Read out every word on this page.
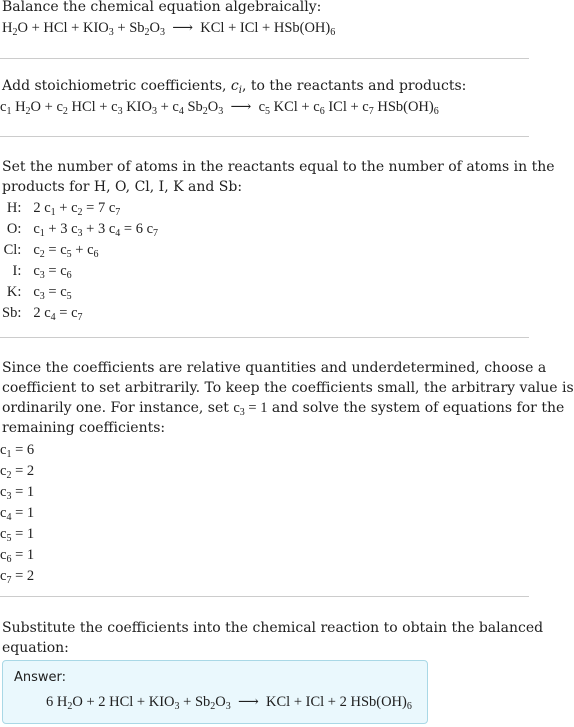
Balance the chemical equation algebraically:
$H_2O$ + HCl + $KIO_3 + Sb_2O_3$  ⟶  KCl + ICl + $HSb(OH)_6$
Add stoichiometric coefficients, $c_i$, to the reactants and products:
$c_1$ $H_2O + c_2$ HCl + $c_3$ $KIO_3 + c_4$ $Sb_2O_3$  ⟶  $c_5$ KCl + $c_6$ ICl + $c_7$ $HSb(OH)_6$
Set the number of atoms in the reactants equal to the number of atoms in the
products for H, O, Cl, I, K and Sb:
H:	2 $c_1 + c_2 = 7$ $c_7$
O:	$c_1 + 3$ $c_3 + 3$ $c_4 = 6$ $c_7$
Cl:	$c_2 = c_5 + c_6$
I:	$c_3 = c_6$
K:	$c_3 = c_5$
Sb:	2 $c_4 = c_7$
Since the coefficients are relative quantities and underdetermined, choose a
coefficient to set arbitrarily. To keep the coefficients small, the arbitrary value is
ordinarily one. For instance, set $c_3 = 1$ and solve the system of equations for the
remaining coefficients:
$c_1 = 6$
$c_2 = 2$
$c_3 = 1$
$c_4 = 1$
$c_5 = 1$
$c_6 = 1$
$c_7 = 2$
Substitute the coefficients into the chemical reaction to obtain the balanced
equation:
Answer:
6 $H_2O + 2$ HCl + $KIO_3 + Sb_2O_3$  ⟶  KCl + ICl + 2 $HSb(OH)_6$
